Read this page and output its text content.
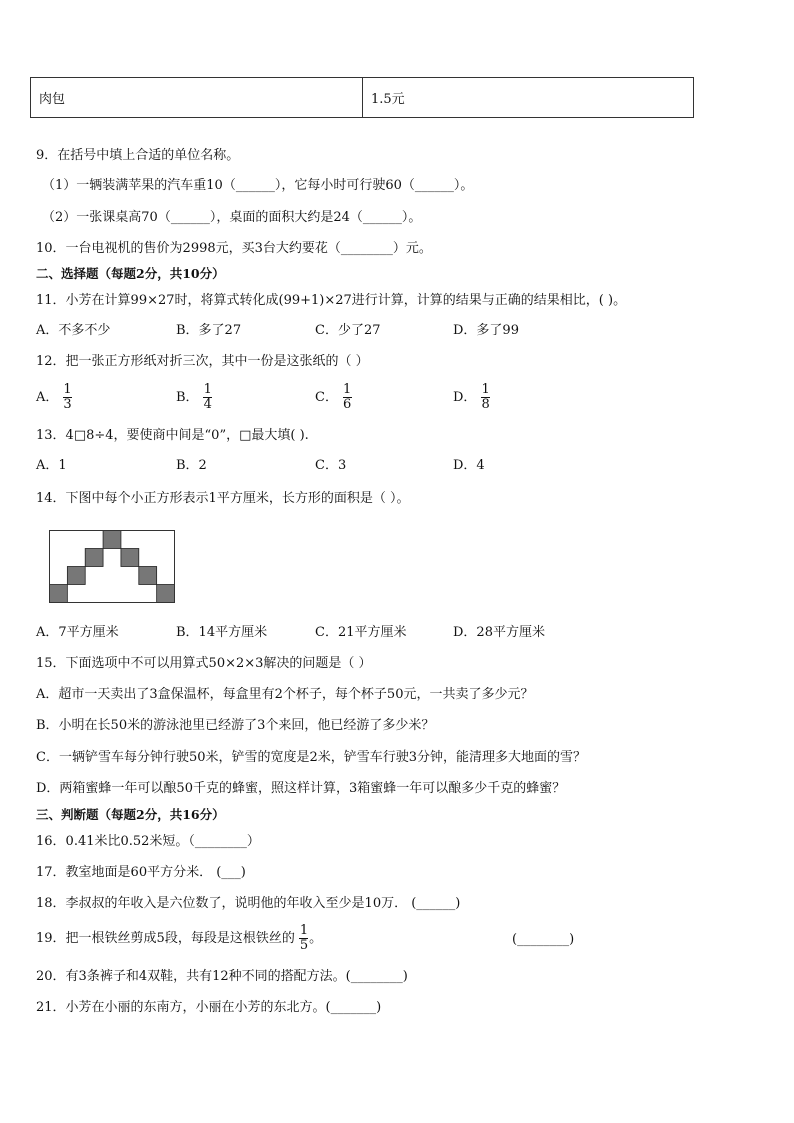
肉包	1.5元
9．在括号中填上合适的单位名称。
（1）一辆装满苹果的汽车重10（______），它每小时可行驶60（______）。
（2）一张课桌高70（______），桌面的面积大约是24（______）。
10．一台电视机的售价为2998元，买3台大约要花（________）元。
二、选择题（每题2分，共10分）
11．小芳在计算99×27时，将算式转化成(99+1)×27进行计算，计算的结果与正确的结果相比，( )。
A．不多不少	B．多了27	C．少了27	D．多了99
12．把一张正方形纸对折三次，其中一份是这张纸的（ ）
A． $\frac{1}{3}$	B． $\frac{1}{4}$	C． $\frac{1}{6}$	D． $\frac{1}{8}$
13．4□8÷4，要使商中间是“0”，□最大填( ).
A．1	B．2	C．3	D．4
14．下图中每个小正方形表示1平方厘米，长方形的面积是（ ）。
A．7平方厘米	B．14平方厘米	C．21平方厘米	D．28平方厘米
15．下面选项中不可以用算式50×2×3解决的问题是（ ）
A．超市一天卖出了3盒保温杯，每盒里有2个杯子，每个杯子50元，一共卖了多少元？
B．小明在长50米的游泳池里已经游了3个来回，他已经游了多少米？
C．一辆铲雪车每分钟行驶50米，铲雪的宽度是2米，铲雪车行驶3分钟，能清理多大地面的雪？
D．两箱蜜蜂一年可以酿50千克的蜂蜜，照这样计算，3箱蜜蜂一年可以酿多少千克的蜂蜜？
三、判断题（每题2分，共16分）
16．0.41米比0.52米短。（________）
17．教室地面是60平方分米． (___)
18．李叔叔的年收入是六位数了，说明他的年收入至少是10万． (______)
19．把一根铁丝剪成5段，每段是这根铁丝的 $\frac{1}{5}$ 。	(________)
20．有3条裤子和4双鞋，共有12种不同的搭配方法。(________)
21．小芳在小丽的东南方，小丽在小芳的东北方。(_______)
